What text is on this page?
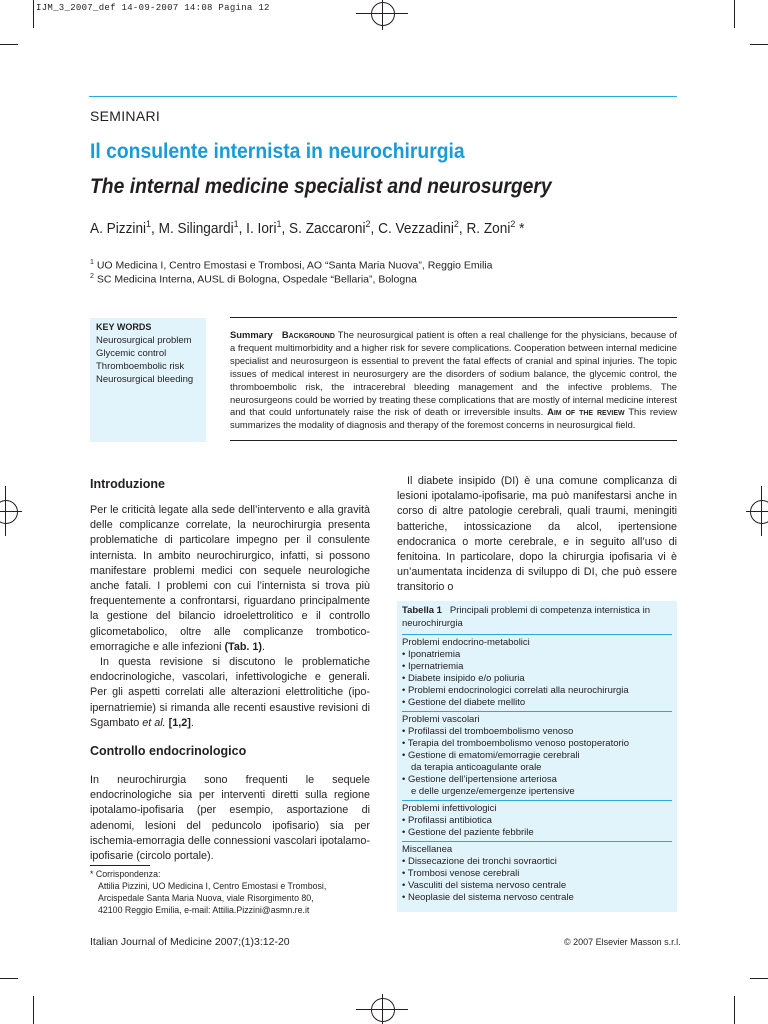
IJM_3_2007_def 14-09-2007 14:08 Pagina 12
SEMINARI
Il consulente internista in neurochirurgia
The internal medicine specialist and neurosurgery
A. Pizzini$^1$, M. Silingardi$^1$, I. Iori$^1$, S. Zaccaroni$^2$, C. Vezzadini$^2$, R. Zoni$^2$ *
$^1$ UO Medicina I, Centro Emostasi e Trombosi, AO “Santa Maria Nuova”, Reggio Emilia
$^2$ SC Medicina Interna, AUSL di Bologna, Ospedale “Bellaria”, Bologna
KEY WORDS
Neurosurgical problem
Glycemic control
Thromboembolic risk
Neurosurgical bleeding
Summary Background The neurosurgical patient is often a real challenge for the physicians, because of a frequent multimorbidity and a higher risk for severe complications. Cooperation between internal medicine specialist and neurosurgeon is essential to prevent the fatal effects of cranial and spinal injuries. The topic issues of medical interest in neurosurgery are the disorders of sodium balance, the glycemic control, the thromboembolic risk, the intracerebral bleeding management and the infective problems. The neurosurgeons could be worried by treating these complications that are mostly of internal medicine interest and that could unfortunately raise the risk of death or irreversible insults. Aim of the review This review summarizes the modality of diagnosis and therapy of the foremost concerns in neurosurgical field.
Introduzione

Per le criticità legate alla sede dell’intervento e alla gravità delle complicanze correlate, la neurochirurgia presenta problematiche di particolare impegno per il consulente internista. In ambito neurochirurgico, infatti, si possono manifestare problemi medici con sequele neurologiche anche fatali. I problemi con cui l’internista si trova più frequentemente a confrontarsi, riguardano principalmente la gestione del bilancio idroelettrolitico e il controllo glicometabolico, oltre alle complicanze trombotico-emorragiche e alle infezioni (Tab. 1).

In questa revisione si discutono le problematiche endocrinologiche, vascolari, infettivologiche e generali. Per gli aspetti correlati alle alterazioni elettrolitiche (ipo-ipernatriemie) si rimanda alle recenti esaustive revisioni di Sgambato et al. [1,2].

Controllo endocrinologico

In neurochirurgia sono frequenti le sequele endocrinologiche sia per interventi diretti sulla regione ipotalamo-ipofisaria (per esempio, asportazione di adenomi, lesioni del peduncolo ipofisario) sia per ischemia-emorragia delle connessioni vascolari ipotalamo-ipofisarie (circolo portale).

* Corrispondenza:
Attilia Pizzini, UO Medicina I, Centro Emostasi e Trombosi,
Arcispedale Santa Maria Nuova, viale Risorgimento 80,
42100 Reggio Emilia, e-mail: Attilia.Pizzini@asmn.re.it

Il diabete insipido (DI) è una comune complicanza di lesioni ipotalamo-ipofisarie, ma può manifestarsi anche in corso di altre patologie cerebrali, quali traumi, meningiti batteriche, intossicazione da alcol, ipertensione endocranica o morte cerebrale, e in seguito all’uso di fenitoina. In particolare, dopo la chirurgia ipofisaria vi è un’aumentata incidenza di sviluppo di DI, che può essere transitorio o

Tabella 1 Principali problemi di competenza internistica in neurochirurgia
Problemi endocrino-metabolici
• Iponatriemia
• Ipernatriemia
• Diabete insipido e/o poliuria
• Problemi endocrinologici correlati alla neurochirurgia
• Gestione del diabete mellito
Problemi vascolari
• Profilassi del tromboembolismo venoso
• Terapia del tromboembolismo venoso postoperatorio
• Gestione di ematomi/emorragie cerebrali
da terapia anticoagulante orale
• Gestione dell’ipertensione arteriosa
e delle urgenze/emergenze ipertensive
Problemi infettivologici
• Profilassi antibiotica
• Gestione del paziente febbrile
Miscellanea
• Dissecazione dei tronchi sovraortici
• Trombosi venose cerebrali
• Vasculiti del sistema nervoso centrale
• Neoplasie del sistema nervoso centrale
Italian Journal of Medicine 2007;(1)3:12-20	© 2007 Elsevier Masson s.r.l.
